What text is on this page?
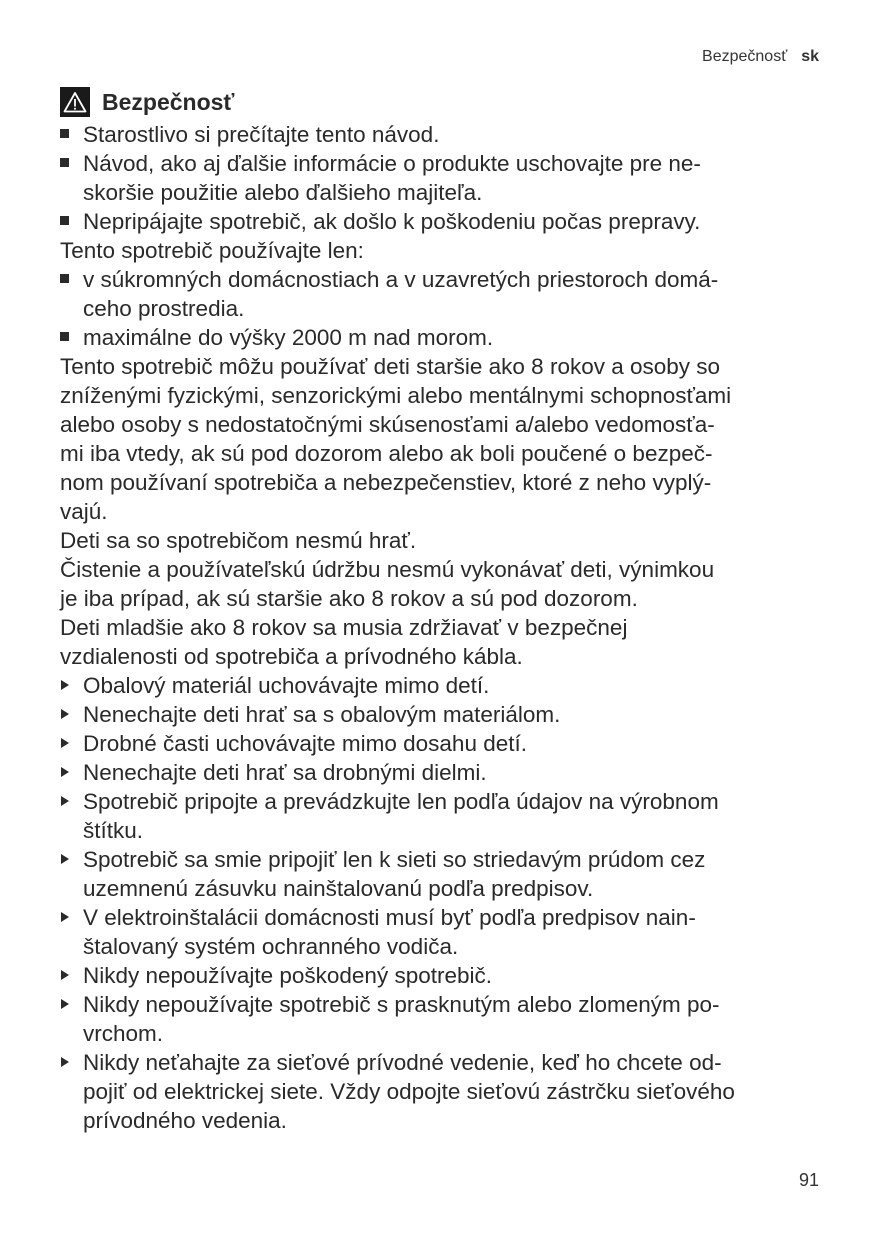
Bezpečnosť sk
Bezpečnosť
Starostlivo si prečítajte tento návod.
Návod, ako aj ďalšie informácie o produkte uschovajte pre ne-
skoršie použitie alebo ďalšieho majiteľa.
Nepripájajte spotrebič, ak došlo k poškodeniu počas prepravy.
Tento spotrebič používajte len:
v súkromných domácnostiach a v uzavretých priestoroch domá-
ceho prostredia.
maximálne do výšky 2000 m nad morom.
Tento spotrebič môžu používať deti staršie ako 8 rokov a osoby so
zníženými fyzickými, senzorickými alebo mentálnymi schopnosťami
alebo osoby s nedostatočnými skúsenosťami a/alebo vedomosťa-
mi iba vtedy, ak sú pod dozorom alebo ak boli poučené o bezpeč-
nom používaní spotrebiča a nebezpečenstiev, ktoré z neho vyplý-
vajú.
Deti sa so spotrebičom nesmú hrať.
Čistenie a používateľskú údržbu nesmú vykonávať deti, výnimkou
je iba prípad, ak sú staršie ako 8 rokov a sú pod dozorom.
Deti mladšie ako 8 rokov sa musia zdržiavať v bezpečnej
vzdialenosti od spotrebiča a prívodného kábla.
Obalový materiál uchovávajte mimo detí.
Nenechajte deti hrať sa s obalovým materiálom.
Drobné časti uchovávajte mimo dosahu detí.
Nenechajte deti hrať sa drobnými dielmi.
Spotrebič pripojte a prevádzkujte len podľa údajov na výrobnom
štítku.
Spotrebič sa smie pripojiť len k sieti so striedavým prúdom cez
uzemnenú zásuvku nainštalovanú podľa predpisov.
V elektroinštalácii domácnosti musí byť podľa predpisov nain-
štalovaný systém ochranného vodiča.
Nikdy nepoužívajte poškodený spotrebič.
Nikdy nepoužívajte spotrebič s prasknutým alebo zlomeným po-
vrchom.
Nikdy neťahajte za sieťové prívodné vedenie, keď ho chcete od-
pojiť od elektrickej siete. Vždy odpojte sieťovú zástrčku sieťového
prívodného vedenia.
91
